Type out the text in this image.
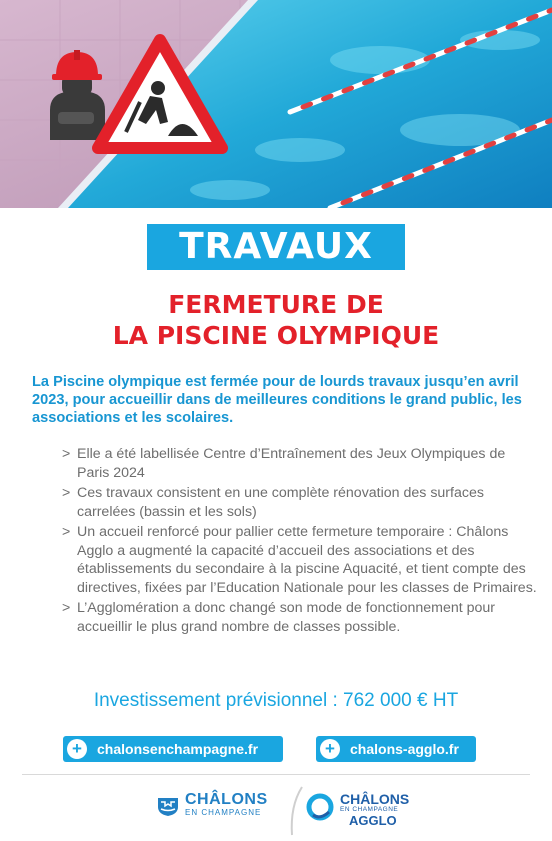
TRAVAUX
FERMETURE DE
LA PISCINE OLYMPIQUE

La Piscine olympique est fermée pour de lourds travaux jusqu’en avril 2023, pour accueillir dans de meilleures conditions le grand public, les associations et les scolaires.

> Elle a été labellisée Centre d’Entraînement des Jeux Olympiques de Paris 2024
> Ces travaux consistent en une complète rénovation des surfaces carrelées (bassin et les sols)
> Un accueil renforcé pour pallier cette fermeture temporaire : Châlons Agglo a augmenté la capacité d’accueil des associations et des établissements du secondaire à la piscine Aquacité, et tient compte des directives, fixées par l’Education Nationale pour les classes de Primaires.
> L’Agglomération a donc changé son mode de fonctionnement pour accueillir le plus grand nombre de classes possible.
Investissement prévisionnel : 762 000 € HT
+	chalonsenchampagne.fr	+	chalons-agglo.fr
CHÂLONS
EN CHAMPAGNE
CHÂLONS
EN CHAMPAGNE
AGGLO
